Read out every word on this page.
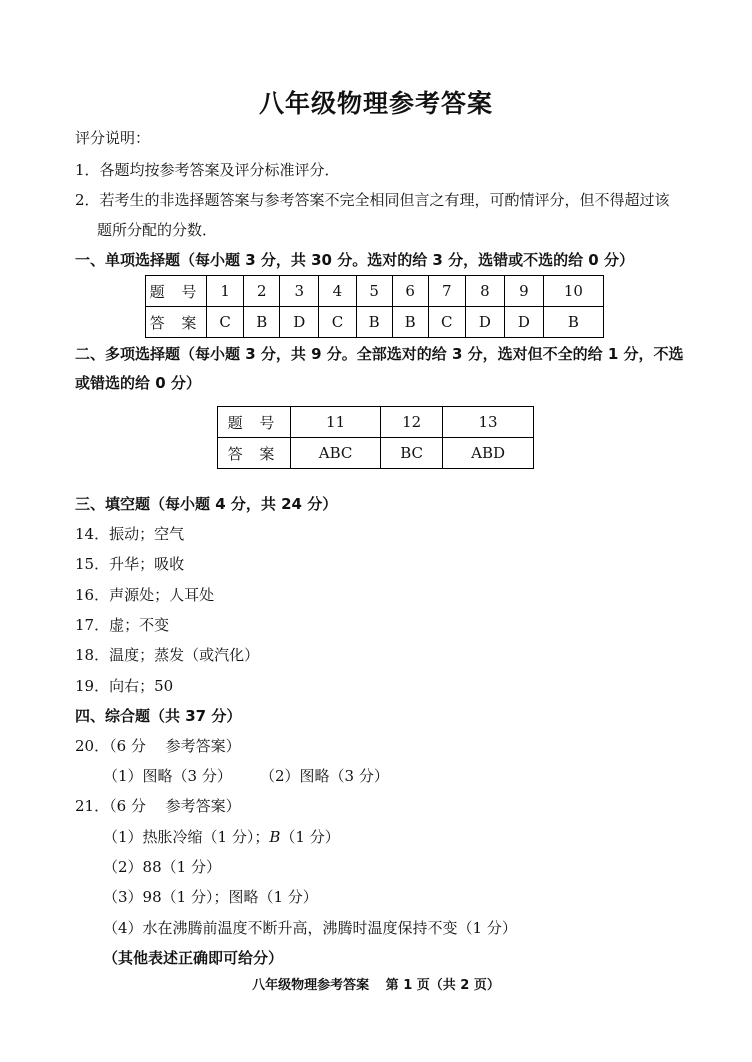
八年级物理参考答案
评分说明：
1．各题均按参考答案及评分标准评分．
2．若考生的非选择题答案与参考答案不完全相同但言之有理，可酌情评分，但不得超过该
题所分配的分数．
一、单项选择题（每小题 3 分，共 30 分。选对的给 3 分，选错或不选的给 0 分）
题 号	1	2	3	4	5	6	7	8	9	10
答 案	C	B	D	C	B	B	C	D	D	B
二、多项选择题（每小题 3 分，共 9 分。全部选对的给 3 分，选对但不全的给 1 分，不选
或错选的给 0 分）
题 号	11	12	13
答 案	ABC	BC	ABD
三、填空题（每小题 4 分，共 24 分）
14．振动；空气
15．升华；吸收
16．声源处；人耳处
17．虚；不变
18．温度；蒸发（或汽化）
19．向右；50
四、综合题（共 37 分）
20．（6 分　 参考答案）
（1）图略（3 分） （2）图略（3 分）
21．（6 分　 参考答案）
（1）热胀冷缩（1 分）；B（1 分）
（2）88（1 分）
（3）98（1 分）；图略（1 分）
（4）水在沸腾前温度不断升高，沸腾时温度保持不变（1 分）
（其他表述正确即可给分）
八年级物理参考答案 第 1 页（共 2 页）
